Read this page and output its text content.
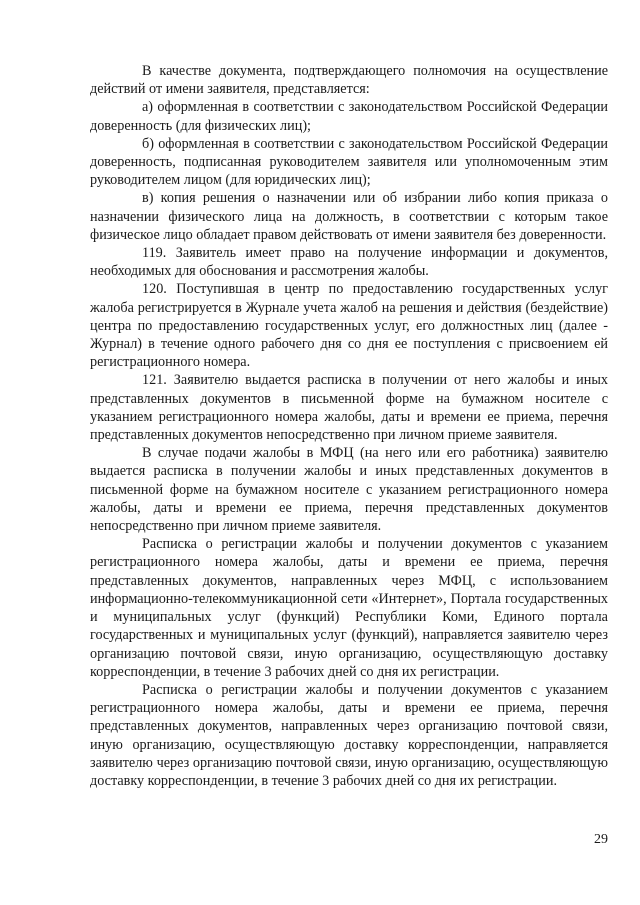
В качестве документа, подтверждающего полномочия на осуществление действий от имени заявителя, представляется:

а) оформленная в соответствии с законодательством Российской Федерации доверенность (для физических лиц);

б) оформленная в соответствии с законодательством Российской Федерации доверенность, подписанная руководителем заявителя или уполномоченным этим руководителем лицом (для юридических лиц);

в) копия решения о назначении или об избрании либо копия приказа о назначении физического лица на должность, в соответствии с которым такое физическое лицо обладает правом действовать от имени заявителя без доверенности.

119. Заявитель имеет право на получение информации и документов, необходимых для обоснования и рассмотрения жалобы.

120. Поступившая в центр по предоставлению государственных услуг жалоба регистрируется в Журнале учета жалоб на решения и действия (бездействие) центра по предоставлению государственных услуг, его должностных лиц (далее - Журнал) в течение одного рабочего дня со дня ее поступления с присвоением ей регистрационного номера.

121. Заявителю выдается расписка в получении от него жалобы и иных представленных документов в письменной форме на бумажном носителе с указанием регистрационного номера жалобы, даты и времени ее приема, перечня представленных документов непосредственно при личном приеме заявителя.

В случае подачи жалобы в МФЦ (на него или его работника) заявителю выдается расписка в получении жалобы и иных представленных документов в письменной форме на бумажном носителе с указанием регистрационного номера жалобы, даты и времени ее приема, перечня представленных документов непосредственно при личном приеме заявителя.

Расписка о регистрации жалобы и получении документов с указанием регистрационного номера жалобы, даты и времени ее приема, перечня представленных документов, направленных через МФЦ, с использованием информационно-телекоммуникационной сети «Интернет», Портала государственных и муниципальных услуг (функций) Республики Коми, Единого портала государственных и муниципальных услуг (функций), направляется заявителю через организацию почтовой связи, иную организацию, осуществляющую доставку корреспонденции, в течение 3 рабочих дней со дня их регистрации.

Расписка о регистрации жалобы и получении документов с указанием регистрационного номера жалобы, даты и времени ее приема, перечня представленных документов, направленных через организацию почтовой связи, иную организацию, осуществляющую доставку корреспонденции, направляется заявителю через организацию почтовой связи, иную организацию, осуществляющую доставку корреспонденции, в течение 3 рабочих дней со дня их регистрации.

29
